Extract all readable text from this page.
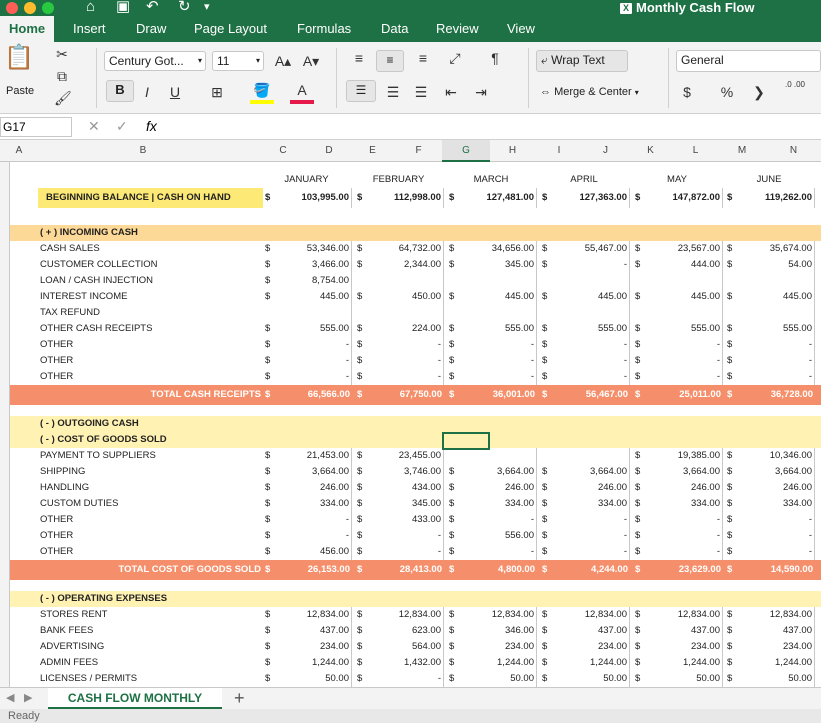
⌂ ▣ ↶ ↻ ▾	X Monthly Cash Flow
Home	Insert Draw Page Layout Formulas Data Review View
📋
Paste
✂
⧉
🖌
Century Got... ▾	11	▾ A▴ A▾
B	I	U	⊞	🪣	A
≡	≡	≡	⤢	¶
☰	☰	☰	⇤	⇥
⤶ Wrap Text
⇔ Merge & Center ▾
General
$	%	❯	.0 .00
G17	✕ ✓ fx
A	B	C	D	E	F	G	H	I	J	K	L	M	N
JANUARY	FEBRUARY	MARCH	APRIL	MAY	JUNE
BEGINNING BALANCE | CASH ON HAND	$	103,995.00 $	112,998.00 $	127,481.00 $	127,363.00 $	147,872.00 $	119,262.00
( + ) INCOMING CASH
CASH SALES	$	53,346.00 $	64,732.00 $	34,656.00 $	55,467.00 $	23,567.00 $	35,674.00
CUSTOMER COLLECTION	$	3,466.00 $	2,344.00 $	345.00 $	- $	444.00 $	54.00
LOAN / CASH INJECTION	$	8,754.00
INTEREST INCOME	$	445.00 $	450.00 $	445.00 $	445.00 $	445.00 $	445.00
TAX REFUND
OTHER CASH RECEIPTS	$	555.00 $	224.00 $	555.00 $	555.00 $	555.00 $	555.00
OTHER	$	- $	- $	- $	- $	- $	-
OTHER	$	- $	- $	- $	- $	- $	-
OTHER	$	- $	- $	- $	- $	- $	-
TOTAL CASH RECEIPTS $	66,566.00 $	67,750.00 $	36,001.00 $	56,467.00 $	25,011.00 $	36,728.00
( - ) OUTGOING CASH
( - ) COST OF GOODS SOLD
PAYMENT TO SUPPLIERS	$	21,453.00 $	23,455.00	$	19,385.00 $	10,346.00
SHIPPING	$	3,664.00 $	3,746.00 $	3,664.00 $	3,664.00 $	3,664.00 $	3,664.00
HANDLING	$	246.00 $	434.00 $	246.00 $	246.00 $	246.00 $	246.00
CUSTOM DUTIES	$	334.00 $	345.00 $	334.00 $	334.00 $	334.00 $	334.00
OTHER	$	- $	433.00 $	- $	- $	- $	-
OTHER	$	- $	- $	556.00 $	- $	- $	-
OTHER	$	456.00 $	- $	- $	- $	- $	-
TOTAL COST OF GOODS SOLD $	26,153.00 $	28,413.00 $	4,800.00 $	4,244.00 $	23,629.00 $	14,590.00
( - ) OPERATING EXPENSES
STORES RENT	$	12,834.00 $	12,834.00 $	12,834.00 $	12,834.00 $	12,834.00 $	12,834.00
BANK FEES	$	437.00 $	623.00 $	346.00 $	437.00 $	437.00 $	437.00
ADVERTISING	$	234.00 $	564.00 $	234.00 $	234.00 $	234.00 $	234.00
ADMIN FEES	$	1,244.00 $	1,432.00 $	1,244.00 $	1,244.00 $	1,244.00 $	1,244.00
LICENSES / PERMITS	$	50.00 $	- $	50.00 $	50.00 $	50.00 $	50.00
◀ ▶	CASH FLOW MONTHLY	+
Ready
